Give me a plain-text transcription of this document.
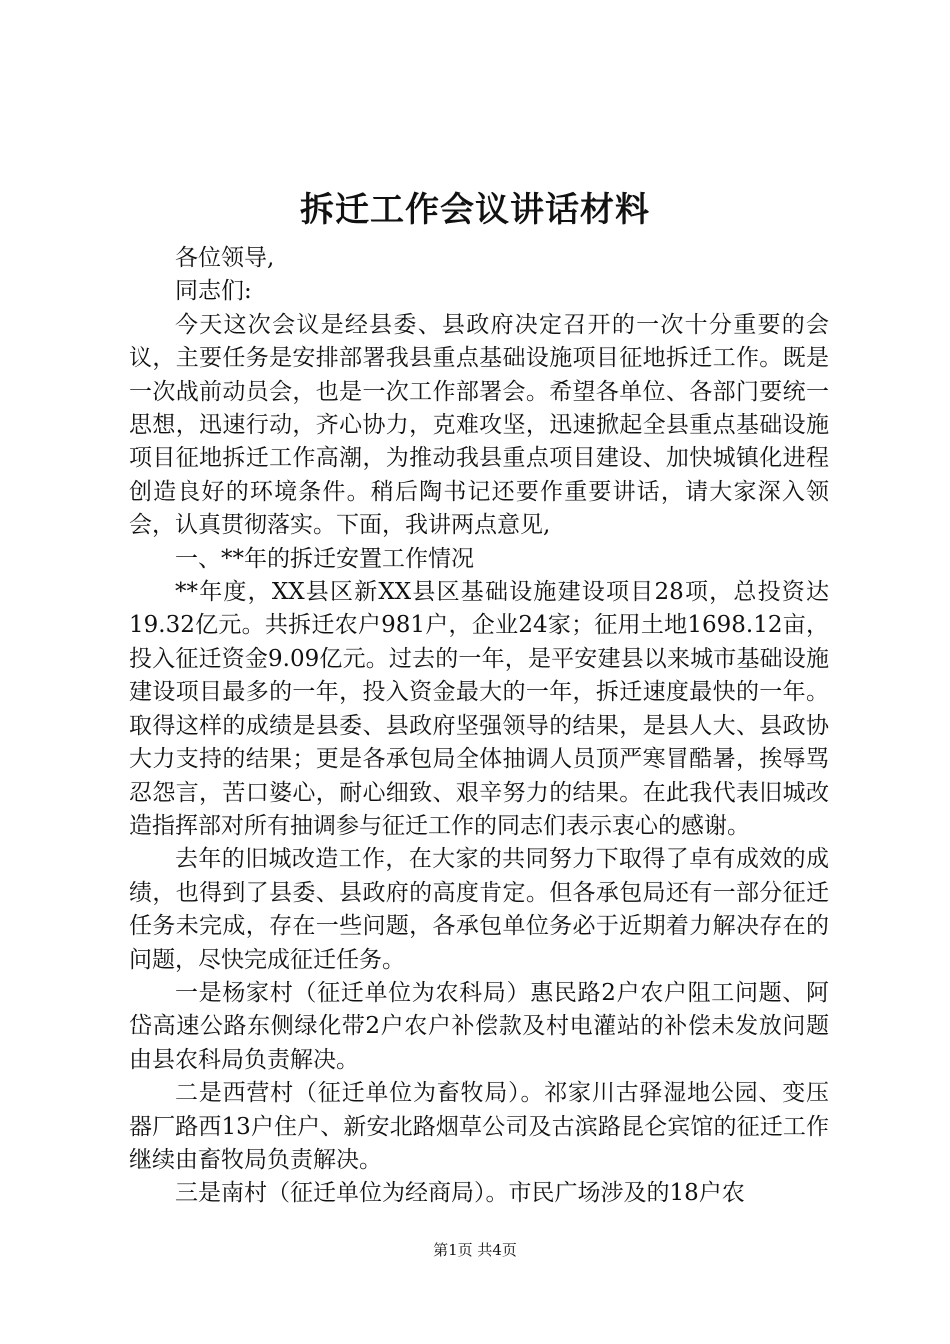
拆迁工作会议讲话材料

各位领导,

同志们:

今天这次会议是经县委、县政府决定召开的一次十分重要的会议，主要任务是安排部署我县重点基础设施项目征地拆迁工作。既是一次战前动员会，也是一次工作部署会。希望各单位、各部门要统一思想，迅速行动，齐心协力，克难攻坚，迅速掀起全县重点基础设施项目征地拆迁工作高潮，为推动我县重点项目建设、加快城镇化进程创造良好的环境条件。稍后陶书记还要作重要讲话，请大家深入领会，认真贯彻落实。下面，我讲两点意见,

一、**年的拆迁安置工作情况

**年度，XX县区新XX县区基础设施建设项目28项，总投资达19.32亿元。共拆迁农户981户，企业24家；征用土地1698.12亩，投入征迁资金9.09亿元。过去的一年，是平安建县以来城市基础设施建设项目最多的一年，投入资金最大的一年，拆迁速度最快的一年。取得这样的成绩是县委、县政府坚强领导的结果，是县人大、县政协大力支持的结果；更是各承包局全体抽调人员顶严寒冒酷暑，挨辱骂忍怨言，苦口婆心，耐心细致、艰辛努力的结果。在此我代表旧城改造指挥部对所有抽调参与征迁工作的同志们表示衷心的感谢。

去年的旧城改造工作，在大家的共同努力下取得了卓有成效的成绩，也得到了县委、县政府的高度肯定。但各承包局还有一部分征迁任务未完成，存在一些问题，各承包单位务必于近期着力解决存在的问题，尽快完成征迁任务。

一是杨家村（征迁单位为农科局）惠民路2户农户阻工问题、阿岱高速公路东侧绿化带2户农户补偿款及村电灌站的补偿未发放问题由县农科局负责解决。

二是西营村（征迁单位为畜牧局）。祁家川古驿湿地公园、变压器厂路西13户住户、新安北路烟草公司及古滨路昆仑宾馆的征迁工作继续由畜牧局负责解决。

三是南村（征迁单位为经商局）。市民广场涉及的18户农

第1页 共4页
